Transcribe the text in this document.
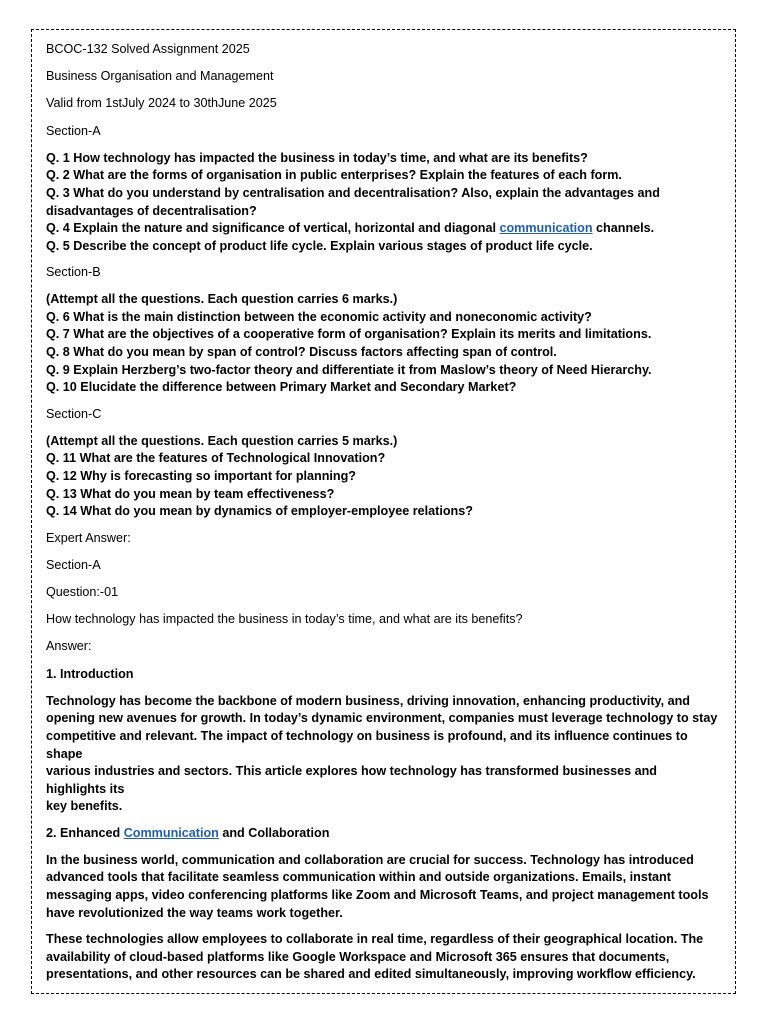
BCOC-132 Solved Assignment 2025

Business Organisation and Management

Valid from 1stJuly 2024 to 30thJune 2025

Section-A

Q. 1 How technology has impacted the business in today’s time, and what are its benefits?
Q. 2 What are the forms of organisation in public enterprises? Explain the features of each form.
Q. 3 What do you understand by centralisation and decentralisation? Also, explain the advantages and
disadvantages of decentralisation?
Q. 4 Explain the nature and significance of vertical, horizontal and diagonal communication channels.
Q. 5 Describe the concept of product life cycle. Explain various stages of product life cycle.

Section-B

(Attempt all the questions. Each question carries 6 marks.)
Q. 6 What is the main distinction between the economic activity and noneconomic activity?
Q. 7 What are the objectives of a cooperative form of organisation? Explain its merits and limitations.
Q. 8 What do you mean by span of control? Discuss factors affecting span of control.
Q. 9 Explain Herzberg’s two-factor theory and differentiate it from Maslow’s theory of Need Hierarchy.
Q. 10 Elucidate the difference between Primary Market and Secondary Market?

Section-C

(Attempt all the questions. Each question carries 5 marks.)
Q. 11 What are the features of Technological Innovation?
Q. 12 Why is forecasting so important for planning?
Q. 13 What do you mean by team effectiveness?
Q. 14 What do you mean by dynamics of employer-employee relations?

Expert Answer:

Section-A

Question:-01

How technology has impacted the business in today’s time, and what are its benefits?

Answer:

1. Introduction

Technology has become the backbone of modern business, driving innovation, enhancing productivity, and
opening new avenues for growth. In today’s dynamic environment, companies must leverage technology to stay
competitive and relevant. The impact of technology on business is profound, and its influence continues to shape
various industries and sectors. This article explores how technology has transformed businesses and highlights its
key benefits.

2. Enhanced Communication and Collaboration

In the business world, communication and collaboration are crucial for success. Technology has introduced
advanced tools that facilitate seamless communication within and outside organizations. Emails, instant
messaging apps, video conferencing platforms like Zoom and Microsoft Teams, and project management tools
have revolutionized the way teams work together.

These technologies allow employees to collaborate in real time, regardless of their geographical location. The
availability of cloud-based platforms like Google Workspace and Microsoft 365 ensures that documents,
presentations, and other resources can be shared and edited simultaneously, improving workflow efficiency.
